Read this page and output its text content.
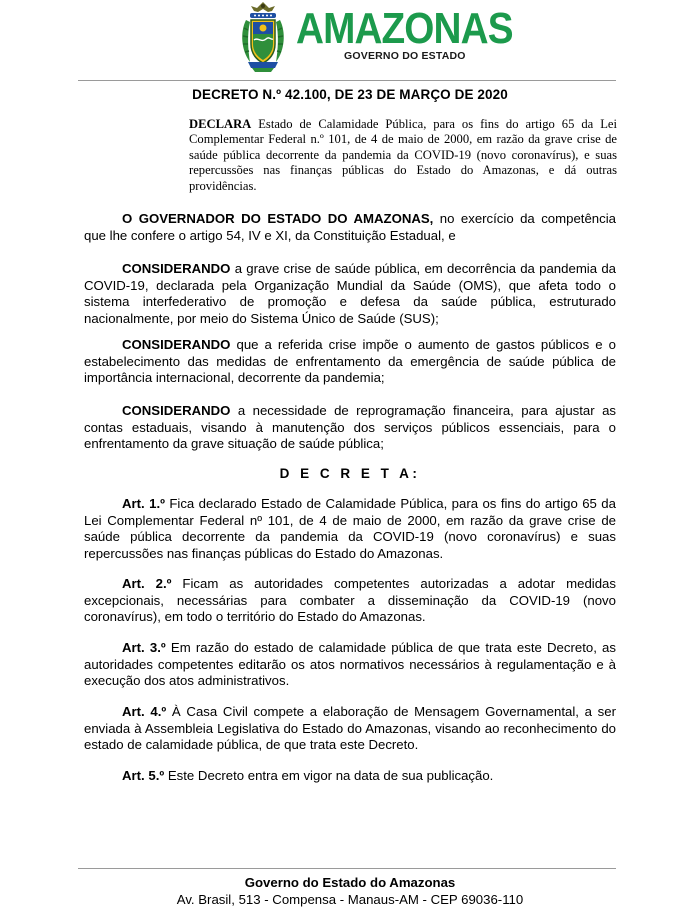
AMAZONAS
GOVERNO DO ESTADO
DECRETO N.º 42.100, DE 23 DE MARÇO DE 2020
DECLARA Estado de Calamidade Pública, para os fins do artigo 65 da Lei Complementar Federal n.º 101, de 4 de maio de 2000, em razão da grave crise de saúde pública decorrente da pandemia da COVID-19 (novo coronavírus), e suas repercussões nas finanças públicas do Estado do Amazonas, e dá outras providências.
O GOVERNADOR DO ESTADO DO AMAZONAS, no exercício da competência que lhe confere o artigo 54, IV e XI, da Constituição Estadual, e
CONSIDERANDO a grave crise de saúde pública, em decorrência da pandemia da COVID-19, declarada pela Organização Mundial da Saúde (OMS), que afeta todo o sistema interfederativo de promoção e defesa da saúde pública, estruturado nacionalmente, por meio do Sistema Único de Saúde (SUS);
CONSIDERANDO que a referida crise impõe o aumento de gastos públicos e o estabelecimento das medidas de enfrentamento da emergência de saúde pública de importância internacional, decorrente da pandemia;
CONSIDERANDO a necessidade de reprogramação financeira, para ajustar as contas estaduais, visando à manutenção dos serviços públicos essenciais, para o enfrentamento da grave situação de saúde pública;
D E C R E T A:
Art. 1.º Fica declarado Estado de Calamidade Pública, para os fins do artigo 65 da Lei Complementar Federal nº 101, de 4 de maio de 2000, em razão da grave crise de saúde pública decorrente da pandemia da COVID-19 (novo coronavírus) e suas repercussões nas finanças públicas do Estado do Amazonas.
Art. 2.º Ficam as autoridades competentes autorizadas a adotar medidas excepcionais, necessárias para combater a disseminação da COVID-19 (novo coronavírus), em todo o território do Estado do Amazonas.
Art. 3.º Em razão do estado de calamidade pública de que trata este Decreto, as autoridades competentes editarão os atos normativos necessários à regulamentação e à execução dos atos administrativos.
Art. 4.º À Casa Civil compete a elaboração de Mensagem Governamental, a ser enviada à Assembleia Legislativa do Estado do Amazonas, visando ao reconhecimento do estado de calamidade pública, de que trata este Decreto.
Art. 5.º Este Decreto entra em vigor na data de sua publicação.
Governo do Estado do Amazonas
Av. Brasil, 513 - Compensa - Manaus-AM - CEP 69036-110
